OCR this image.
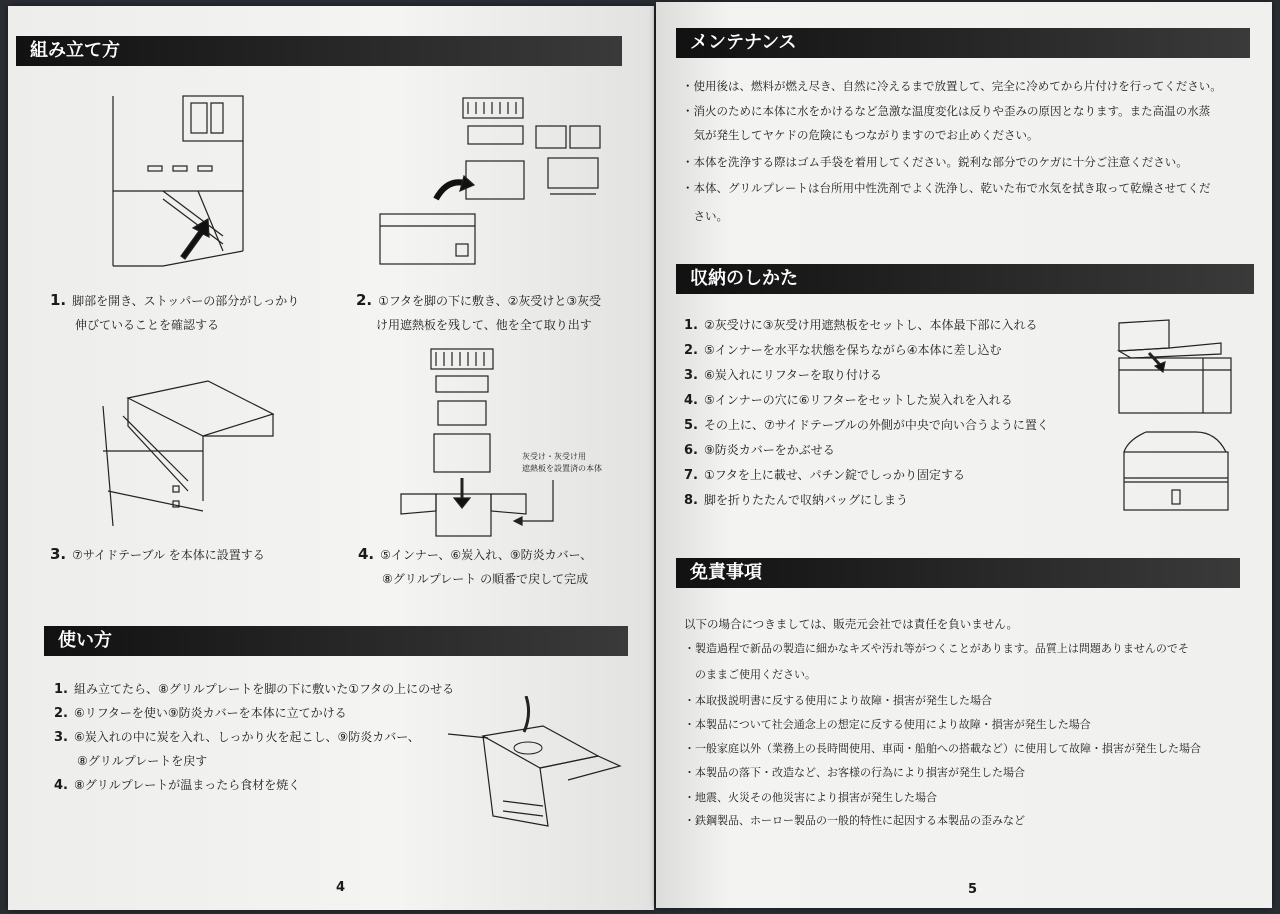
組み立て方
1. 脚部を開き、ストッパーの部分がしっかり
伸びていることを確認する
2. ①フタを脚の下に敷き、②灰受けと③灰受
け用遮熱板を残して、他を全て取り出す
3. ⑦サイドテーブル を本体に設置する
灰受け・灰受け用
遮熱板を設置済の本体
4. ⑤インナー、⑥炭入れ、⑨防炎カバー、
⑧グリルプレート の順番で戻して完成
使い方
1. 組み立てたら、⑧グリルプレートを脚の下に敷いた①フタの上にのせる
2. ⑥リフターを使い⑨防炎カバーを本体に立てかける
3. ⑥炭入れの中に炭を入れ、しっかり火を起こし、⑨防炎カバー、
⑧グリルプレートを戻す
4. ⑧グリルプレートが温まったら食材を焼く
4
メンテナンス
・使用後は、燃料が燃え尽き、自然に冷えるまで放置して、完全に冷めてから片付けを行ってください。
・消火のために本体に水をかけるなど急激な温度変化は反りや歪みの原因となります。また高温の水蒸
　気が発生してヤケドの危険にもつながりますのでお止めください。
・本体を洗浄する際はゴム手袋を着用してください。鋭利な部分でのケガに十分ご注意ください。
・本体、グリルプレートは台所用中性洗剤でよく洗浄し、乾いた布で水気を拭き取って乾燥させてくだ
　さい。
収納のしかた
1. ②灰受けに③灰受け用遮熱板をセットし、本体最下部に入れる
2. ⑤インナーを水平な状態を保ちながら④本体に差し込む
3. ⑥炭入れにリフターを取り付ける
4. ⑤インナーの穴に⑥リフターをセットした炭入れを入れる
5. その上に、⑦サイドテーブルの外側が中央で向い合うように置く
6. ⑨防炎カバーをかぶせる
7. ①フタを上に載せ、パチン錠でしっかり固定する
8. 脚を折りたたんで収納バッグにしまう
免責事項
以下の場合につきましては、販売元会社では責任を負いません。
・製造過程で新品の製造に細かなキズや汚れ等がつくことがあります。品質上は問題ありませんのでそ
　のままご使用ください。
・本取扱説明書に反する使用により故障・損害が発生した場合
・本製品について社会通念上の想定に反する使用により故障・損害が発生した場合
・一般家庭以外（業務上の長時間使用、車両・船舶への搭載など）に使用して故障・損害が発生した場合
・本製品の落下・改造など、お客様の行為により損害が発生した場合
・地震、火災その他災害により損害が発生した場合
・鉄鋼製品、ホーロー製品の一般的特性に起因する本製品の歪みなど
5
